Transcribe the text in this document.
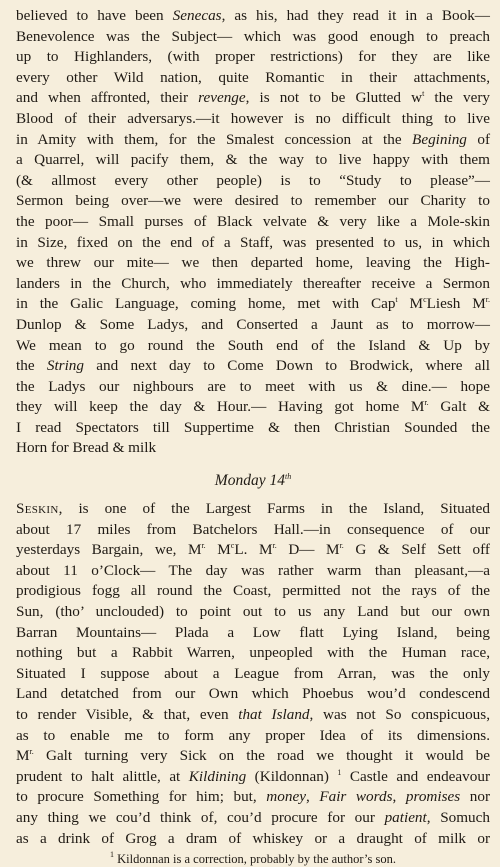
believed to have been Senecas, as his, had they read it in a Book—
Benevolence was the Subject— which was good enough to preach
up to Highlanders, (with proper restrictions) for they are like
every other Wild nation, quite Romantic in their attachments,
and when affronted, their revenge, is not to be Glutted $w^t$ the very
Blood of their adversarys.—it however is no difficult thing to live
in Amity with them, for the Smalest concession at the Begining of
a Quarrel, will pacify them, & the way to live happy with them
(& allmost every other people) is to “Study to please”—
Sermon being over—we were desired to remember our Charity to
the poor— Small purses of Black velvate & very like a Mole-skin
in Size, fixed on the end of a Staff, was presented to us, in which
we threw our mite— we then departed home, leaving the High-
landers in the Church, who immediately thereafter receive a Sermon
in the Galic Language, coming home, met with Cap$^t$ $M^cLiesh$ $M^{r.}$
Dunlop & Some Ladys, and Conserted a Jaunt as to morrow—
We mean to go round the South end of the Island & Up by
the String and next day to Come Down to Brodwick, where all
the Ladys our nighbours are to meet with us & dine.— hope
they will keep the day & Hour.— Having got home $M^{r.}$ Galt &
I read Spectators till Suppertime & then Christian Sounded the
Horn for Bread & milk
Monday 14th
Seskin, is one of the Largest Farms in the Island, Situated
about 17 miles from Batchelors Hall.—in consequence of our
yesterdays Bargain, we, $M^{r.}$ $M^cL$. $M^{r.}$ D— $M^{r.}$ G & Self Sett off
about 11 o’Clock— The day was rather warm than pleasant,—a
prodigious fogg all round the Coast, permitted not the rays of the
Sun, (tho’ unclouded) to point out to us any Land but our own
Barran Mountains— Plada a Low flatt Lying Island, being
nothing but a Rabbit Warren, unpeopled with the Human race,
Situated I suppose about a League from Arran, was the only
Land detatched from our Own which Phoebus wou’d condescend
to render Visible, & that, even that Island, was not So conspicuous,
as to enable me to form any proper Idea of its dimensions.
$M^{r.}$ Galt turning very Sick on the road we thought it would be
prudent to halt alittle, at Kildining (Kildonnan) $^1$ Castle and endeavour
to procure Something for him; but, money, Fair words, promises nor
any thing we cou’d think of, cou’d procure for our patient, Somuch
as a drink of Grog a dram of whiskey or a draught of milk or
$^1$ Kildonnan is a correction, probably by the author’s son.
